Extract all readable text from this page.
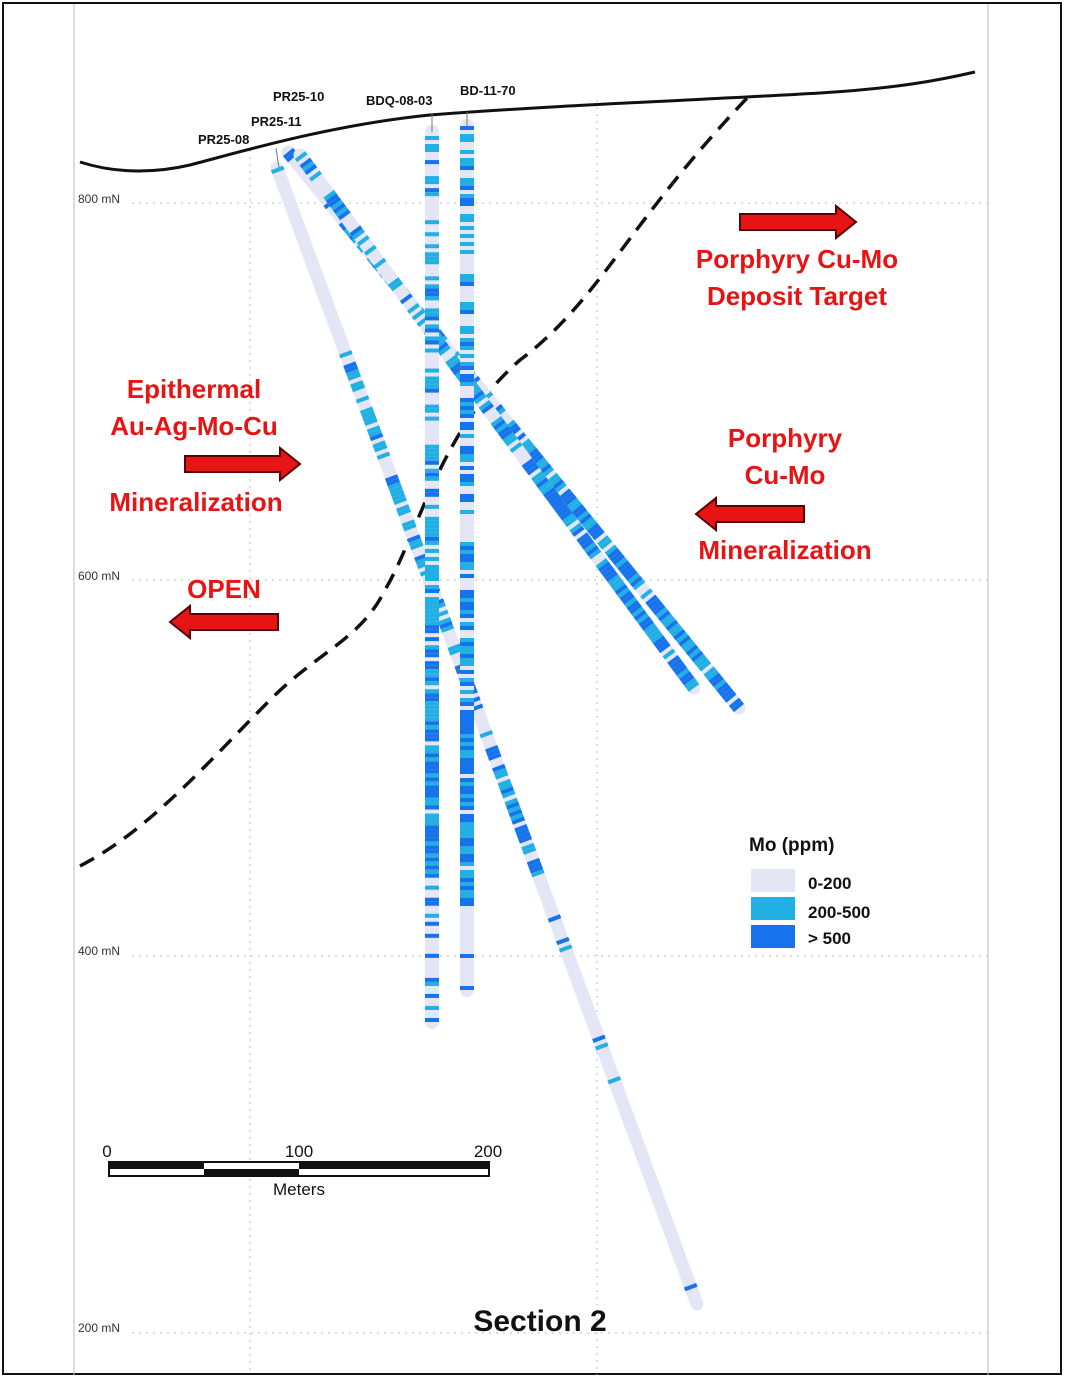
800 mN
600 mN
400 mN
200 mN
PR25-10
PR25-11
PR25-08
BDQ-08-03
BD-11-70
Porphyry Cu-Mo
Deposit Target
Epithermal
Au-Ag-Mo-Cu
Mineralization
Porphyry
Cu-Mo
Mineralization
OPEN
Mo (ppm)
0-200
200-500
> 500
0	100	200
Meters
Section 2
